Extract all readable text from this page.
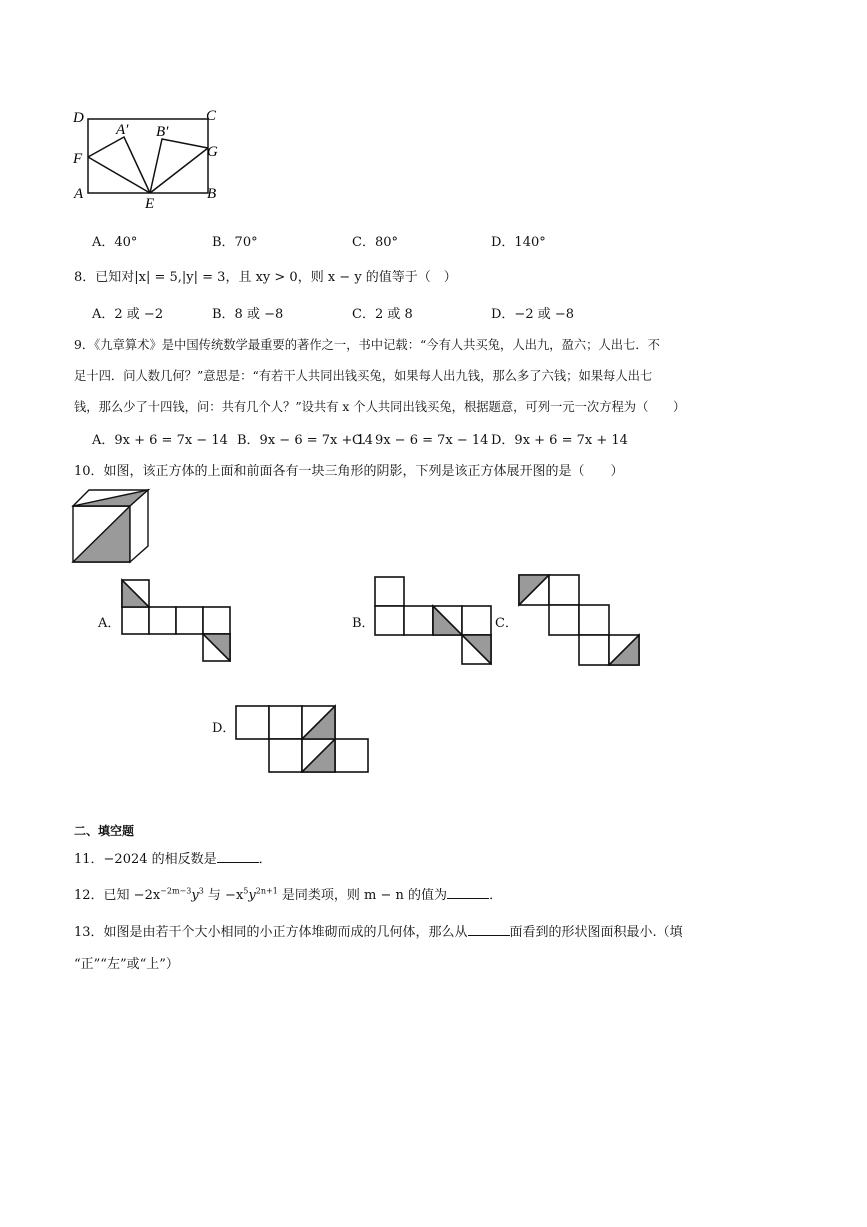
D	C
A′ B′
F	G
A
E
B
A．40°	B．70°	C．80°	D．140°
8．已知对|x| = 5,|y| = 3，且 xy > 0，则 x − y 的值等于（　）
A．2 或 −2	B．8 或 −8	C．2 或 8	D．−2 或 −8
9．《九章算术》是中国传统数学最重要的著作之一，书中记载：“今有人共买兔，人出九，盈六；人出七．不
足十四．问人数几何？”意思是：“有若干人共同出钱买兔，如果每人出九钱，那么多了六钱；如果每人出七
钱，那么少了十四钱，问：共有几个人？”设共有 x 个人共同出钱买兔，根据题意，可列一元一次方程为（　　）
A．9x + 6 = 7x − 14 B．9x − 6 = 7x + 14
C．9x − 6 = 7x − 14 D．9x + 6 = 7x + 14
10．如图，该正方体的上面和前面各有一块三角形的阴影，下列是该正方体展开图的是（　　）
A．	B．	C．
D．
二、填空题
11．−2024 的相反数是	．
12．已知 $-2x^{-2m-3}y^3$ 与 $-x^5y^{2n+1}$ 是同类项，则 m − n 的值为	．
13．如图是由若干个大小相同的小正方体堆砌而成的几何体，那么从	面看到的形状图面积最小.（填
“正”“左”或“上”）
